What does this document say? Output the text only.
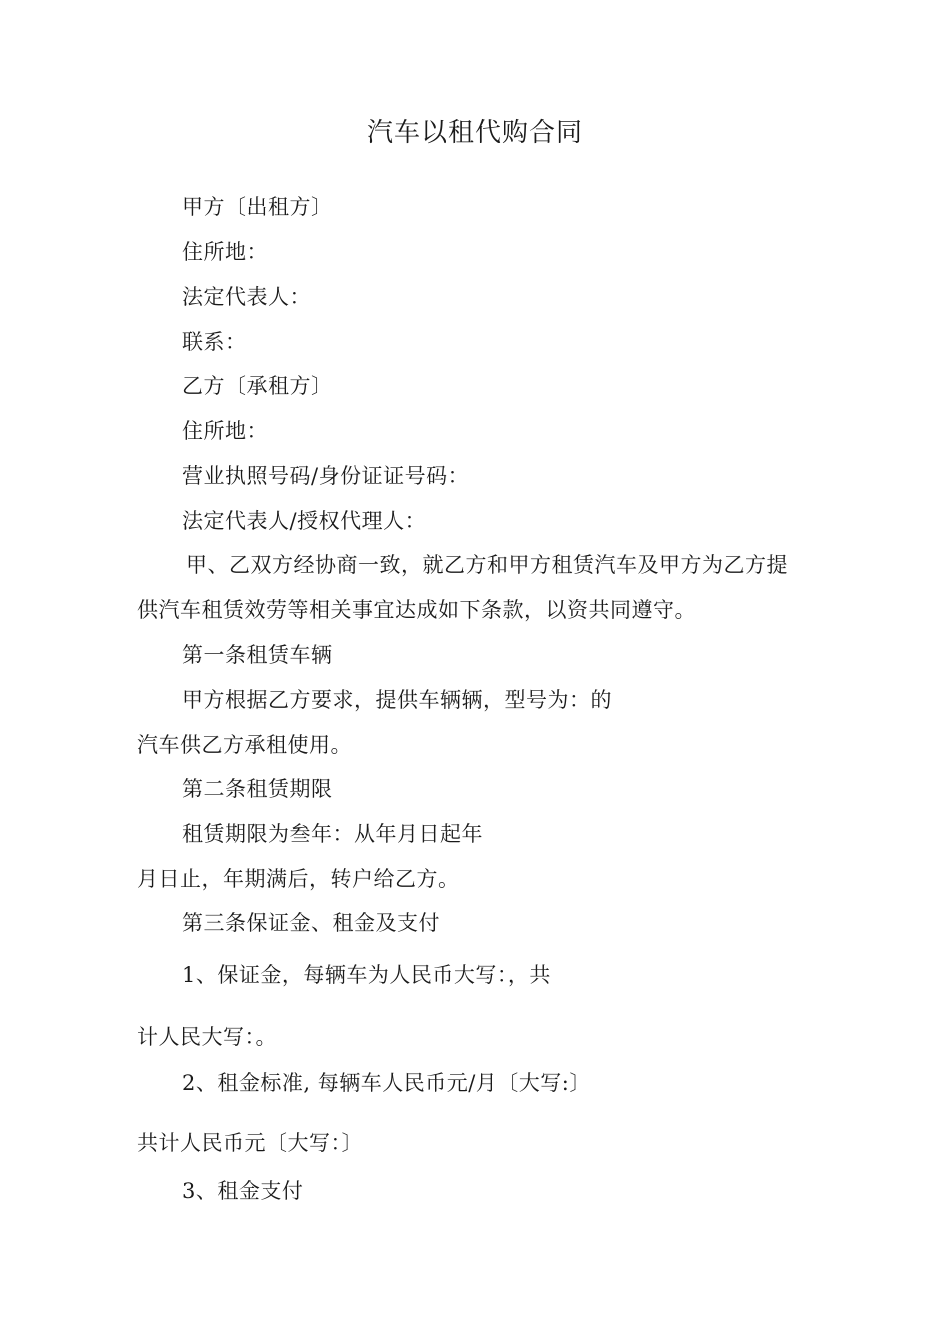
汽车以租代购合同
甲方〔出租方〕
住所地：
法定代表人：
联系：
乙方〔承租方〕
住所地：
营业执照号码/身份证证号码：
法定代表人/授权代理人：
甲、乙双方经协商一致，就乙方和甲方租赁汽车及甲方为乙方提
供汽车租赁效劳等相关事宜达成如下条款，以资共同遵守。
第一条租赁车辆
甲方根据乙方要求，提供车辆辆，型号为：的
汽车供乙方承租使用。
第二条租赁期限
租赁期限为叁年：从年月日起年
月日止，年期满后，转户给乙方。
第三条保证金、租金及支付
1、保证金，每辆车为人民币大写：，共
计人民大写：。
2、租金标准, 每辆车人民币元/月〔大写:〕
共计人民币元〔大写：〕
3、租金支付
